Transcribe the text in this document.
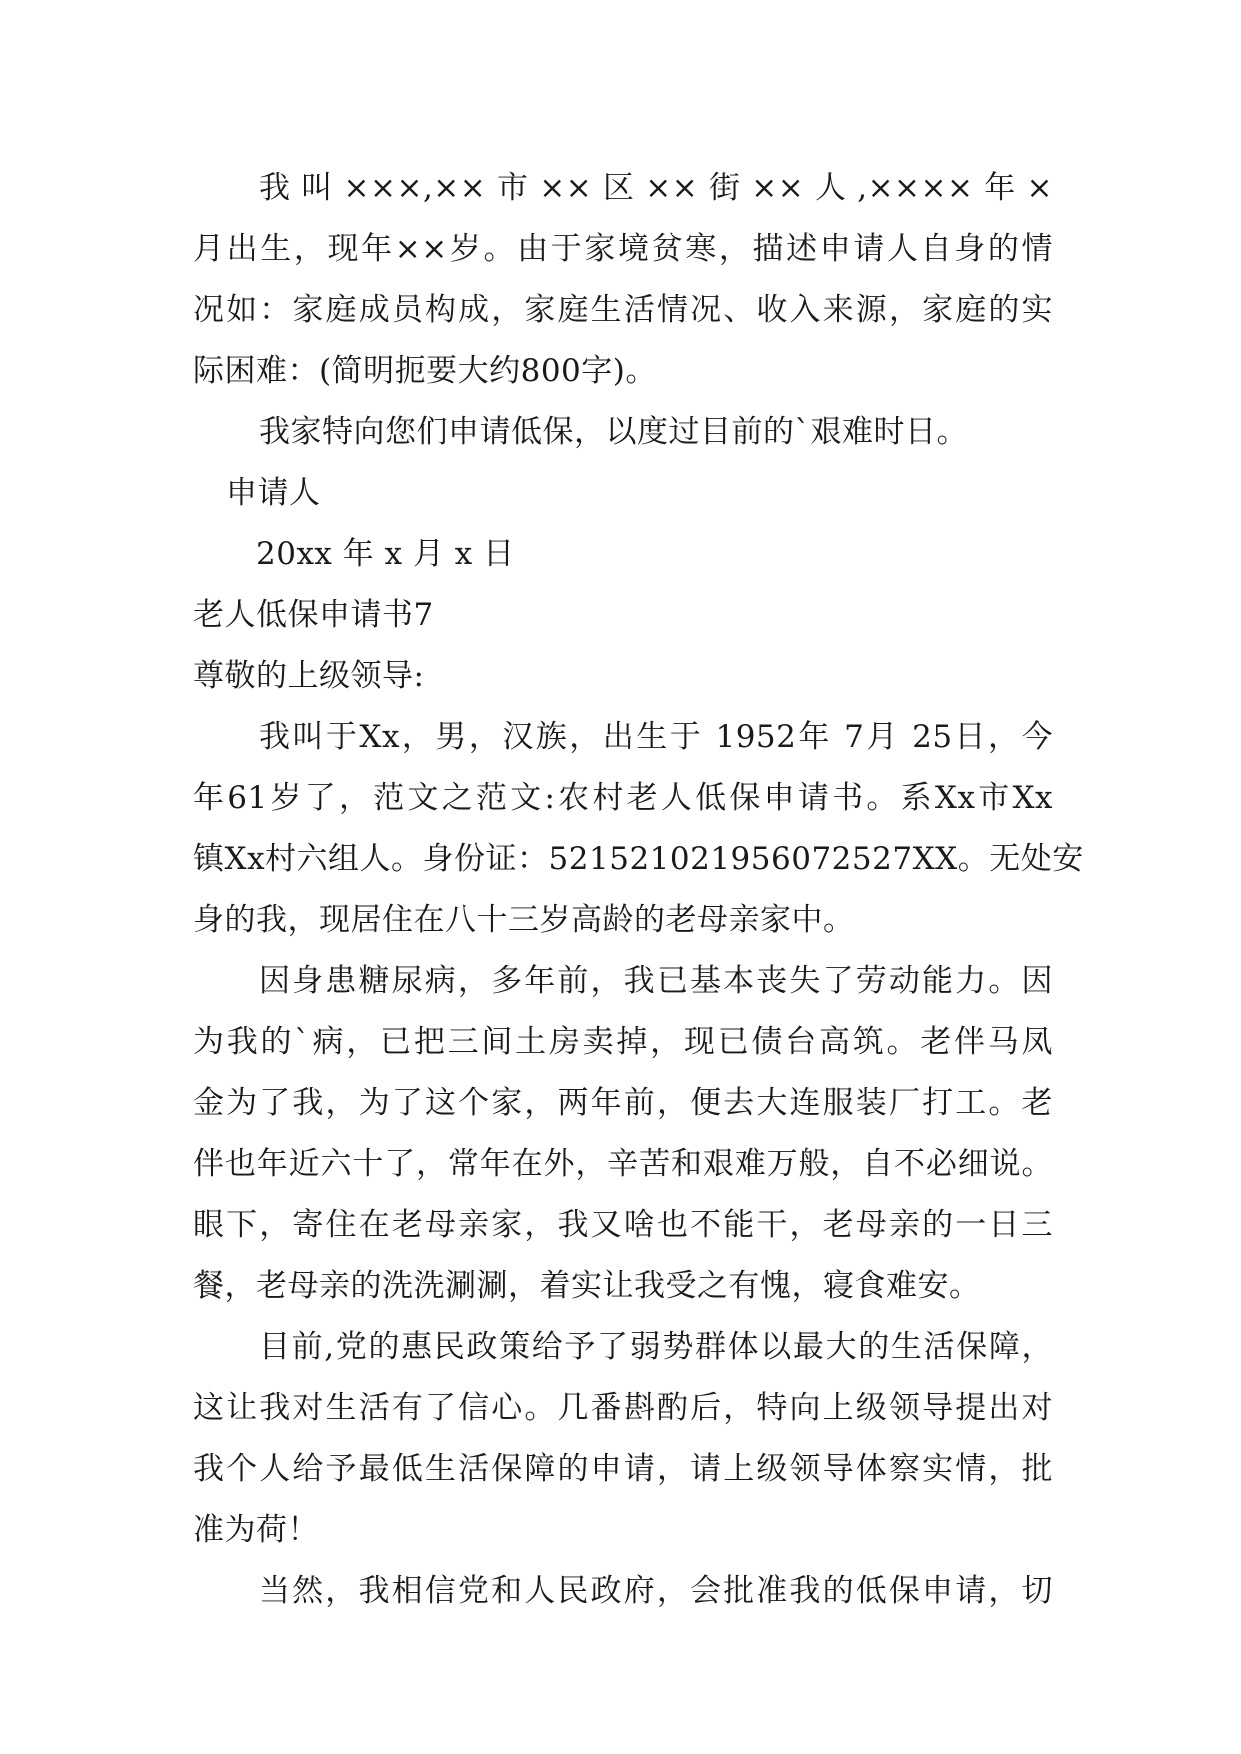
我叫×××,××市××区××街××人,××××年×
月出生，现年××岁。由于家境贫寒，描述申请人自身的情
况如：家庭成员构成，家庭生活情况、收入来源，家庭的实
际困难：(简明扼要大约800字)。
我家特向您们申请低保，以度过目前的`艰难时日。
申请人
20xx 年 x 月 x 日
老人低保申请书7
尊敬的上级领导:
我叫于Xx，男，汉族，出生于 1952年 7月 25日，今
年61岁了，范文之范文:农村老人低保申请书。系Xx市Xx
镇Xx村六组人。身份证：5215210219560725​27XX。无处安
身的我，现居住在八十三岁高龄的老母亲家中。
因身患糖尿病，多年前，我已基本丧失了劳动能力。因
为我的`病，已把三间土房卖掉，现已债台高筑。老伴马凤
金为了我，为了这个家，两年前，便去大连服装厂打工。老
伴也年近六十了，常年在外，辛苦和艰难万般，自不必细说。
眼下，寄住在老母亲家，我又啥也不能干，老母亲的一日三
餐，老母亲的洗洗涮涮，着实让我受之有愧，寝食难安。
目前,党的惠民政策给予了弱势群体以最大的生活保障，
这让我对生活有了信心。几番斟酌后，特向上级领导提出对
我个人给予最低生活保障的申请，请上级领导体察实情，批
准为荷！
当然，我相信党和人民政府，会批准我的低保申请，切
